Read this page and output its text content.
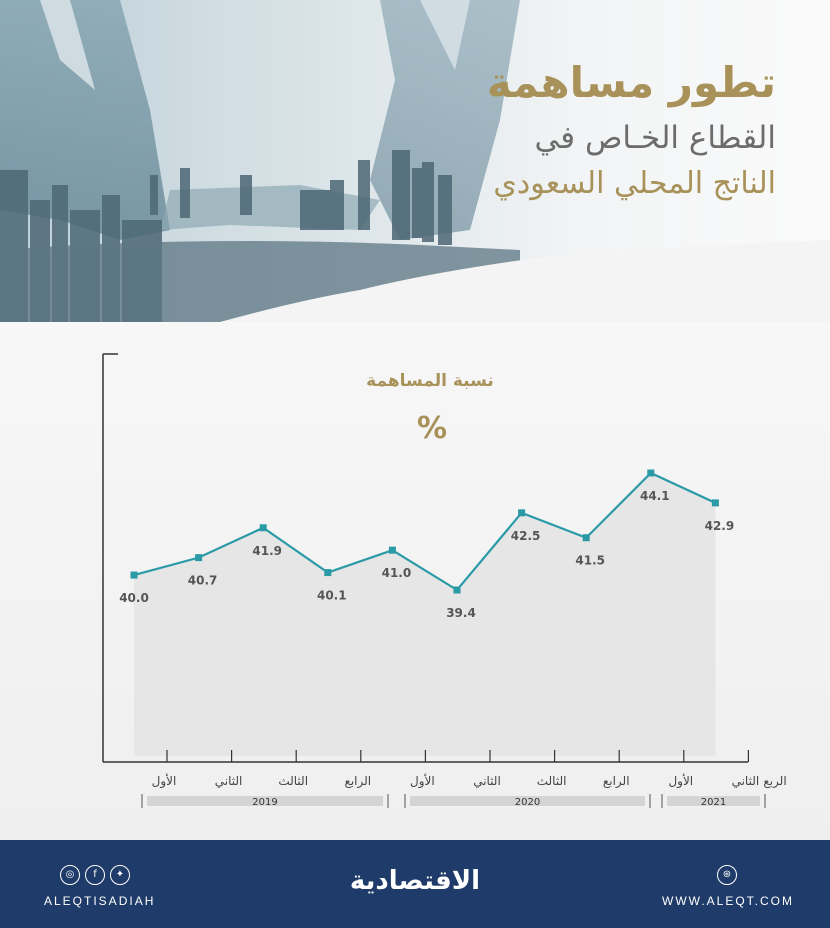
تطور مساهمة
القطاع الخـاص في
الناتج المحلي السعودي
نسبة المساهمة
%
40.0
40.7
41.9
40.1
41.0
39.4
42.5
41.5
44.1
42.9
الأول	الثاني	الثالث	الرابع	الأول	الثاني	الثالث	الرابع	الأول	الثاني الربع
2019	2020	2021
◎ f ✦
ALEQTISADIAH
الاقتصادية	⊛
WWW.ALEQT.COM
